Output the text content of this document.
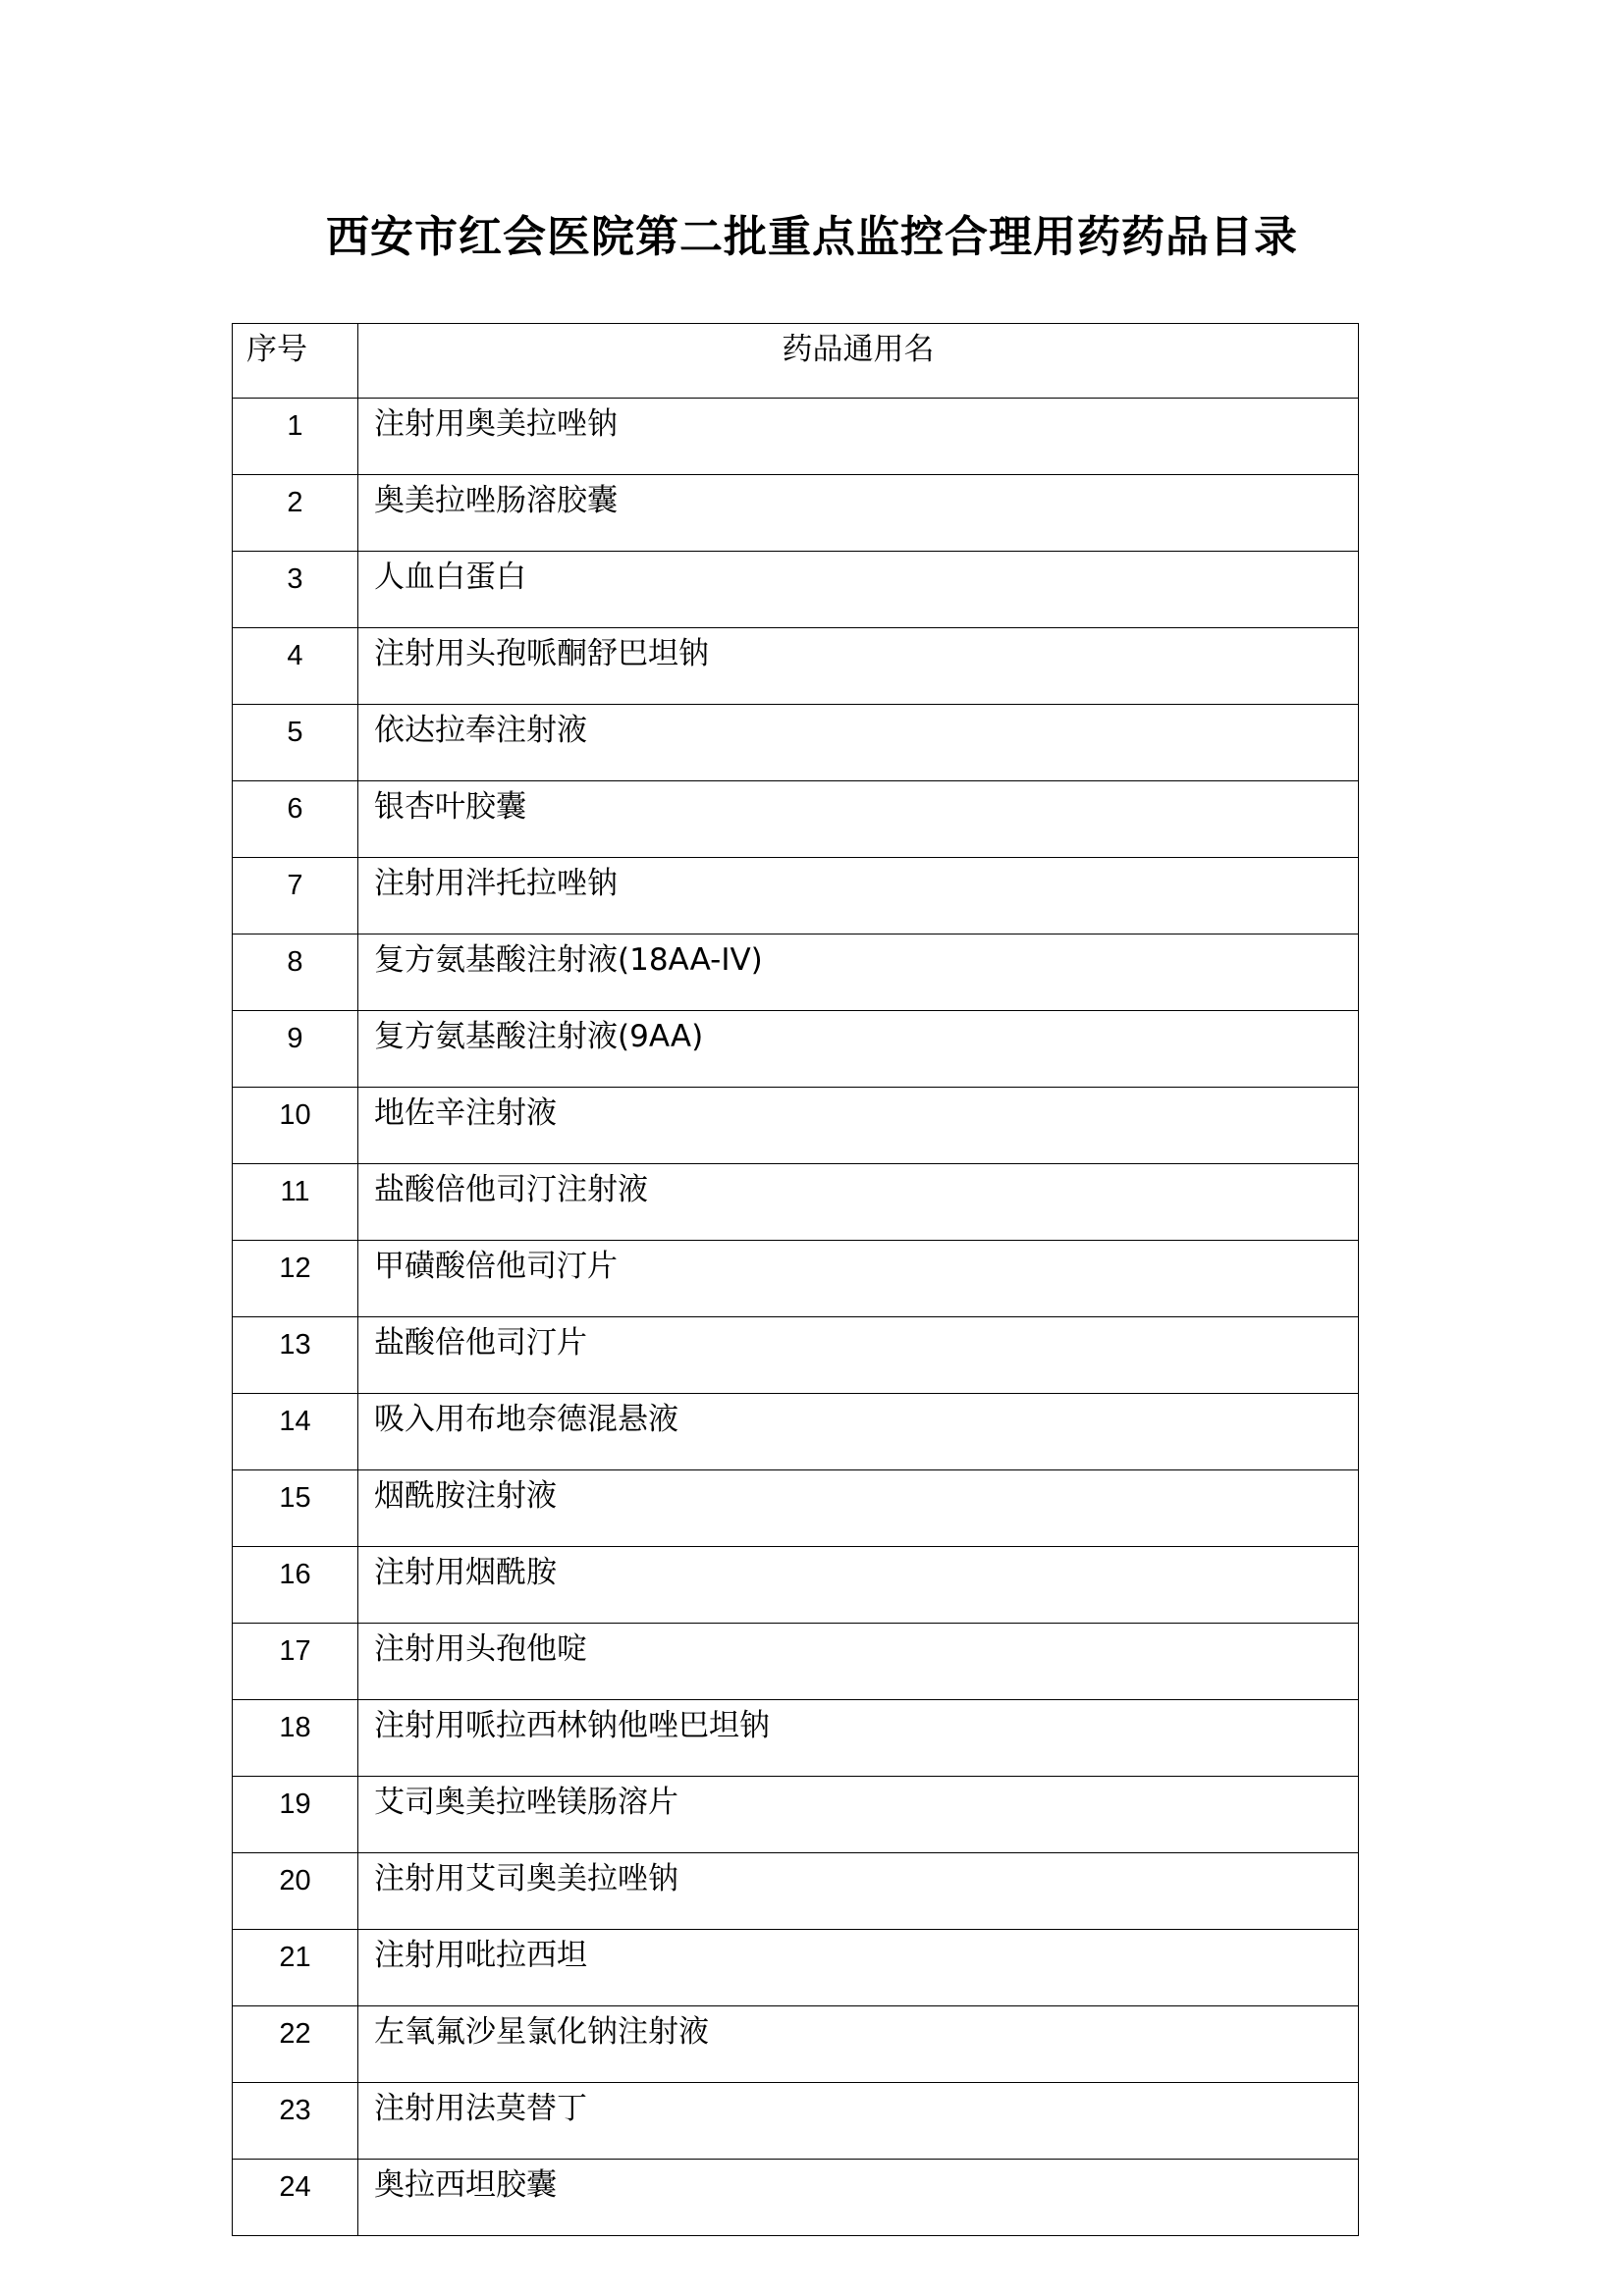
西安市红会医院第二批重点监控合理用药药品目录
序号	药品通用名
1	注射用奥美拉唑钠
2	奥美拉唑肠溶胶囊
3	人血白蛋白
4	注射用头孢哌酮舒巴坦钠
5	依达拉奉注射液
6	银杏叶胶囊
7	注射用泮托拉唑钠
8	复方氨基酸注射液(18AA-IV)
9	复方氨基酸注射液(9AA)
10	地佐辛注射液
11	盐酸倍他司汀注射液
12	甲磺酸倍他司汀片
13	盐酸倍他司汀片
14	吸入用布地奈德混悬液
15	烟酰胺注射液
16	注射用烟酰胺
17	注射用头孢他啶
18	注射用哌拉西林钠他唑巴坦钠
19	艾司奥美拉唑镁肠溶片
20	注射用艾司奥美拉唑钠
21	注射用吡拉西坦
22	左氧氟沙星氯化钠注射液
23	注射用法莫替丁
24	奥拉西坦胶囊
